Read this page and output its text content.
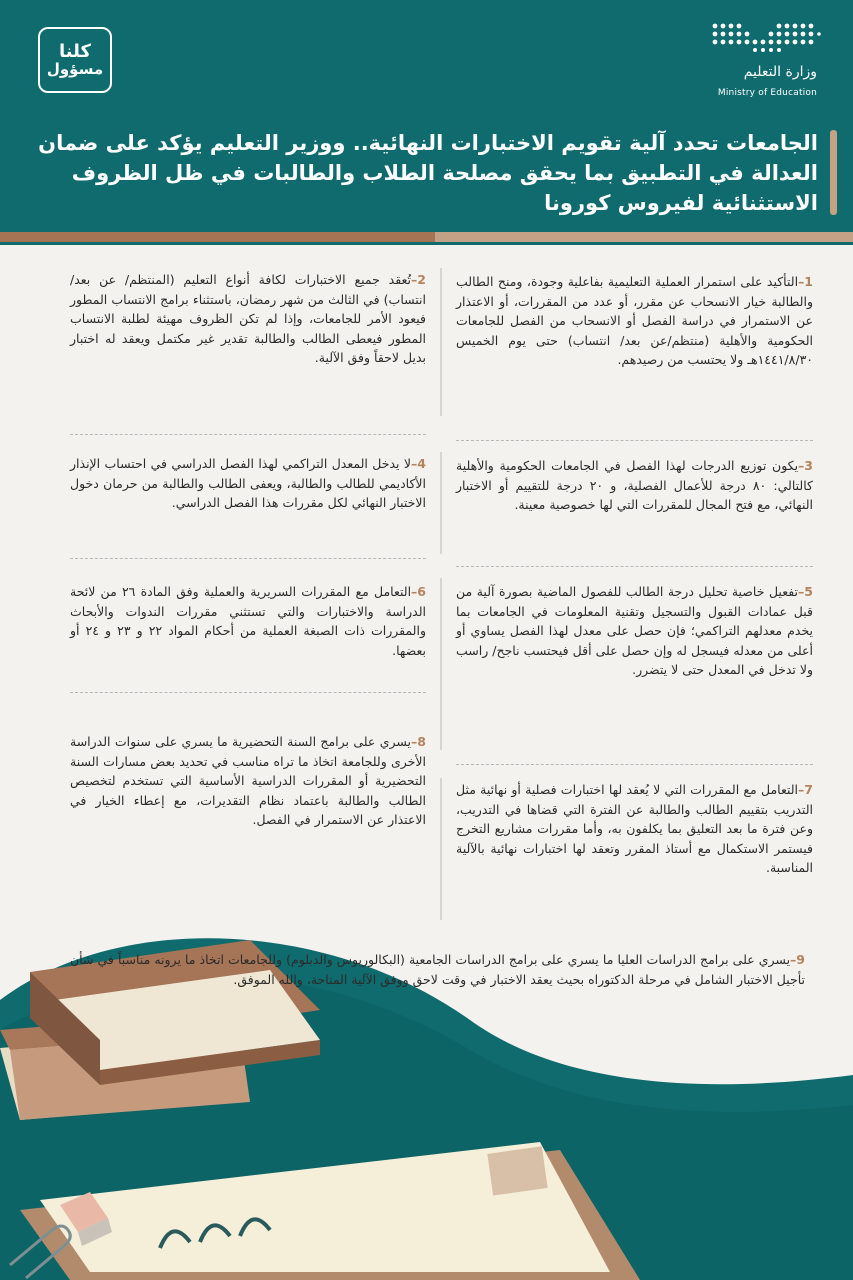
كلنا
مسؤول	وزارة التعليم
Ministry of Education
الجامعات تحدد آلية تقويم الاختبارات النهائية.. ووزير التعليم يؤكد على ضمان العدالة في التطبيق بما يحقق مصلحة الطلاب والطالبات في ظل الظروف الاستثنائية لفيروس كورونا
1–التأكيد على استمرار العملية التعليمية بفاعلية وجودة، ومنح الطالب والطالبة خيار الانسحاب عن مقرر، أو عدد من المقررات، أو الاعتذار عن الاستمرار في دراسة الفصل أو الانسحاب من الفصل للجامعات الحكومية والأهلية (منتظم/عن بعد/ انتساب) حتى يوم الخميس ١٤٤١/٨/٣٠هـ ولا يحتسب من رصيدهم.
3–يكون توزيع الدرجات لهذا الفصل في الجامعات الحكومية والأهلية كالتالي: ٨٠ درجة للأعمال الفصلية، و ٢٠ درجة للتقييم أو الاختبار النهائي، مع فتح المجال للمقررات التي لها خصوصية معينة.
5–تفعيل خاصية تحليل درجة الطالب للفصول الماضية بصورة آلية من قبل عمادات القبول والتسجيل وتقنية المعلومات في الجامعات بما يخدم معدلهم التراكمي؛ فإن حصل على معدل لهذا الفصل يساوي أو أعلى من معدله فيسجل له وإن حصل على أقل فيحتسب ناجح/ راسب ولا تدخل في المعدل حتى لا يتضرر.
7–التعامل مع المقررات التي لا يُعقد لها اختبارات فصلية أو نهائية مثل التدريب بتقييم الطالب والطالبة عن الفترة التي قضاها في التدريب، وعن فترة ما بعد التعليق بما يكلفون به، وأما مقررات مشاريع التخرج فيستمر الاستكمال مع أستاذ المقرر وتعقد لها اختبارات نهائية بالآلية المناسبة.
2–تُعقد جميع الاختبارات لكافة أنواع التعليم (المنتظم/ عن بعد/ انتساب) في الثالث من شهر رمضان، باستثناء برامج الانتساب المطور فيعود الأمر للجامعات، وإذا لم تكن الظروف مهيئة لطلبة الانتساب المطور فيعطى الطالب والطالبة تقدير غير مكتمل ويعقد له اختبار بديل لاحقاً وفق الآلية.
4–لا يدخل المعدل التراكمي لهذا الفصل الدراسي في احتساب الإنذار الأكاديمي للطالب والطالبة، ويعفى الطالب والطالبة من حرمان دخول الاختبار النهائي لكل مقررات هذا الفصل الدراسي.
6–التعامل مع المقررات السريرية والعملية وفق المادة ٢٦ من لائحة الدراسة والاختبارات والتي تستثني مقررات الندوات والأبحاث والمقررات ذات الصبغة العملية من أحكام المواد ٢٢ و ٢٣ و ٢٤ أو بعضها.
8–يسري على برامج السنة التحضيرية ما يسري على سنوات الدراسة الأخرى وللجامعة اتخاذ ما تراه مناسب في تحديد بعض مسارات السنة التحضيرية أو المقررات الدراسية الأساسية التي تستخدم لتخصيص الطالب والطالبة باعتماد نظام التقديرات، مع إعطاء الخيار في الاعتذار عن الاستمرار في الفصل.
9–يسري على برامج الدراسات العليا ما يسري على برامج الدراسات الجامعية (البكالوريوس والدبلوم) وللجامعات اتخاذ ما يرونه مناسباً في شأن تأجيل الاختبار الشامل في مرحلة الدكتوراه بحيث يعقد الاختبار في وقت لاحق ووفق الآلية المتاحة، والله الموفق.
